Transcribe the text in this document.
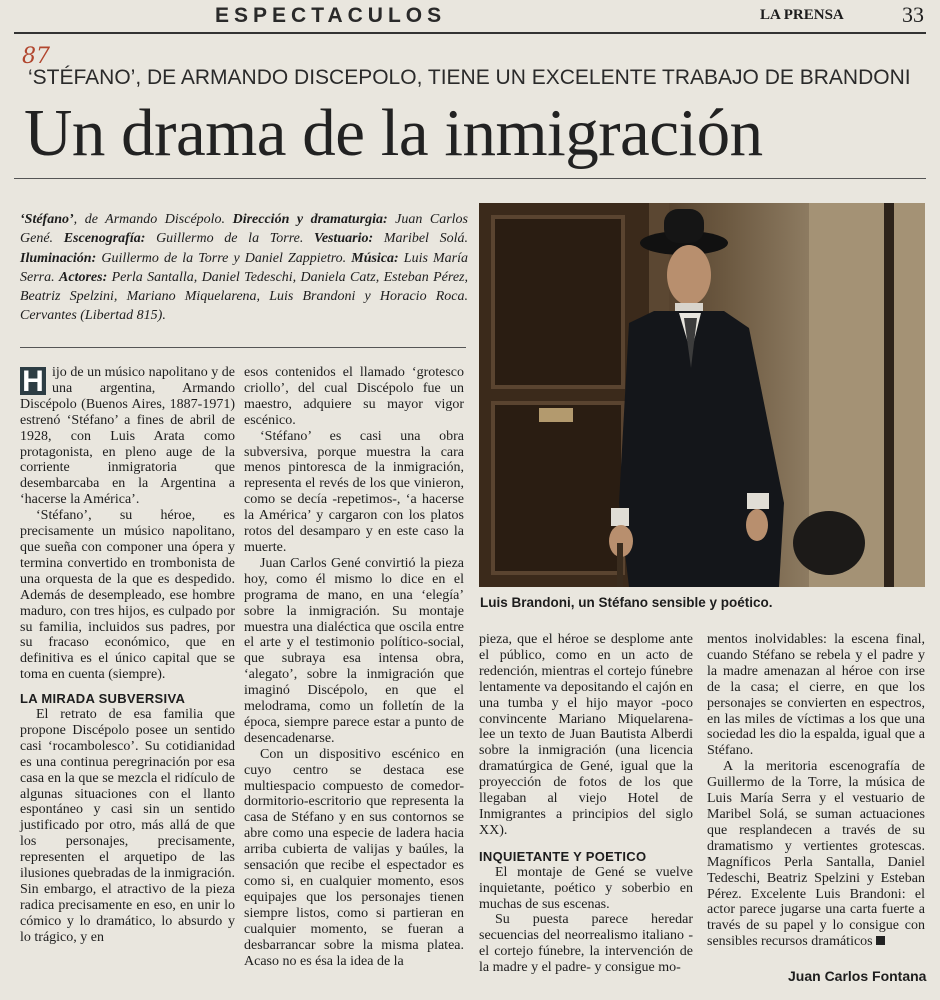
ESPECTACULOS	LA PRENSA	33
87
‘STÉFANO’, DE ARMANDO DISCEPOLO, TIENE UN EXCELENTE TRABAJO DE BRANDONI
Un drama de la inmigración
‘Stéfano’, de Armando Discépolo. Dirección y dramaturgia: Juan Carlos Gené. Escenografía: Guillermo de la Torre. Vestuario: Maribel Solá. Iluminación: Guillermo de la Torre y Daniel Zappietro. Música: Luis María Serra. Actores: Perla Santalla, Daniel Tedeschi, Daniela Catz, Esteban Pérez, Beatriz Spelzini, Mariano Miquelarena, Luis Brandoni y Horacio Roca. Cervantes (Libertad 815).
Luis Brandoni, un Stéfano sensible y poético.

H ijo de un músico napolitano y de una argentina, Armando Discépolo (Buenos Aires, 1887-1971) estrenó ‘Stéfano’ a fines de abril de 1928, con Luis Arata como protagonista, en pleno auge de la corriente inmigratoria que desembarcaba en la Argentina a ‘hacerse la América’.

‘Stéfano’, su héroe, es precisamente un músico napolitano, que sueña con componer una ópera y termina convertido en trombonista de una orquesta de la que es despedido. Además de desempleado, ese hombre maduro, con tres hijos, es culpado por su familia, incluidos sus padres, por su fracaso económico, que en definitiva es el único capital que se toma en cuenta (siempre).

LA MIRADA SUBVERSIVA

El retrato de esa familia que propone Discépolo posee un sentido casi ‘rocambolesco’. Su cotidianidad es una continua peregrinación por esa casa en la que se mezcla el ridículo de algunas situaciones con el llanto espontáneo y casi sin un sentido justificado por otro, más allá de que los personajes, precisamente, representen el arquetipo de las ilusiones quebradas de la inmigración. Sin embargo, el atractivo de la pieza radica precisamente en eso, en unir lo cómico y lo dramático, lo absurdo y lo trágico, y en

esos contenidos el llamado ‘grotesco criollo’, del cual Discépolo fue un maestro, adquiere su mayor vigor escénico.

‘Stéfano’ es casi una obra subversiva, porque muestra la cara menos pintoresca de la inmigración, representa el revés de los que vinieron, como se decía -repetimos-, ‘a hacerse la América’ y cargaron con los platos rotos del desamparo y en este caso la muerte.

Juan Carlos Gené convirtió la pieza hoy, como él mismo lo dice en el programa de mano, en una ‘elegía’ sobre la inmigración. Su montaje muestra una dialéctica que oscila entre el arte y el testimonio político-social, que subraya esa intensa obra, ‘alegato’, sobre la inmigración que imaginó Discépolo, en que el melodrama, como un folletín de la época, siempre parece estar a punto de desencadenarse.

Con un dispositivo escénico en cuyo centro se destaca ese multiespacio compuesto de comedor-dormitorio-escritorio que representa la casa de Stéfano y en sus contornos se abre como una especie de ladera hacia arriba cubierta de valijas y baúles, la sensación que recibe el espectador es como si, en cualquier momento, esos equipajes que los personajes tienen siempre listos, como si partieran en cualquier momento, se fueran a desbarrancar sobre la misma platea. Acaso no es ésa la idea de la

pieza, que el héroe se desplome ante el público, como en un acto de redención, mientras el cortejo fúnebre lentamente va depositando el cajón en una tumba y el hijo mayor -poco convincente Mariano Miquelarena- lee un texto de Juan Bautista Alberdi sobre la inmigración (una licencia dramatúrgica de Gené, igual que la proyección de fotos de los que llegaban al viejo Hotel de Inmigrantes a principios del siglo XX).

INQUIETANTE Y POETICO

El montaje de Gené se vuelve inquietante, poético y soberbio en muchas de sus escenas.

Su puesta parece heredar secuencias del neorrealismo italiano -el cortejo fúnebre, la intervención de la madre y el padre- y consigue mo-

mentos inolvidables: la escena final, cuando Stéfano se rebela y el padre y la madre amenazan al héroe con irse de la casa; el cierre, en que los personajes se convierten en espectros, en las miles de víctimas a los que una sociedad les dio la espalda, igual que a Stéfano.

A la meritoria escenografía de Guillermo de la Torre, la música de Luis María Serra y el vestuario de Maribel Solá, se suman actuaciones que resplandecen a través de su dramatismo y vertientes grotescas. Magníficos Perla Santalla, Daniel Tedeschi, Beatriz Spelzini y Esteban Pérez. Excelente Luis Brandoni: el actor parece jugarse una carta fuerte a través de su papel y lo consigue con sensibles recursos dramáticos

Juan Carlos Fontana
